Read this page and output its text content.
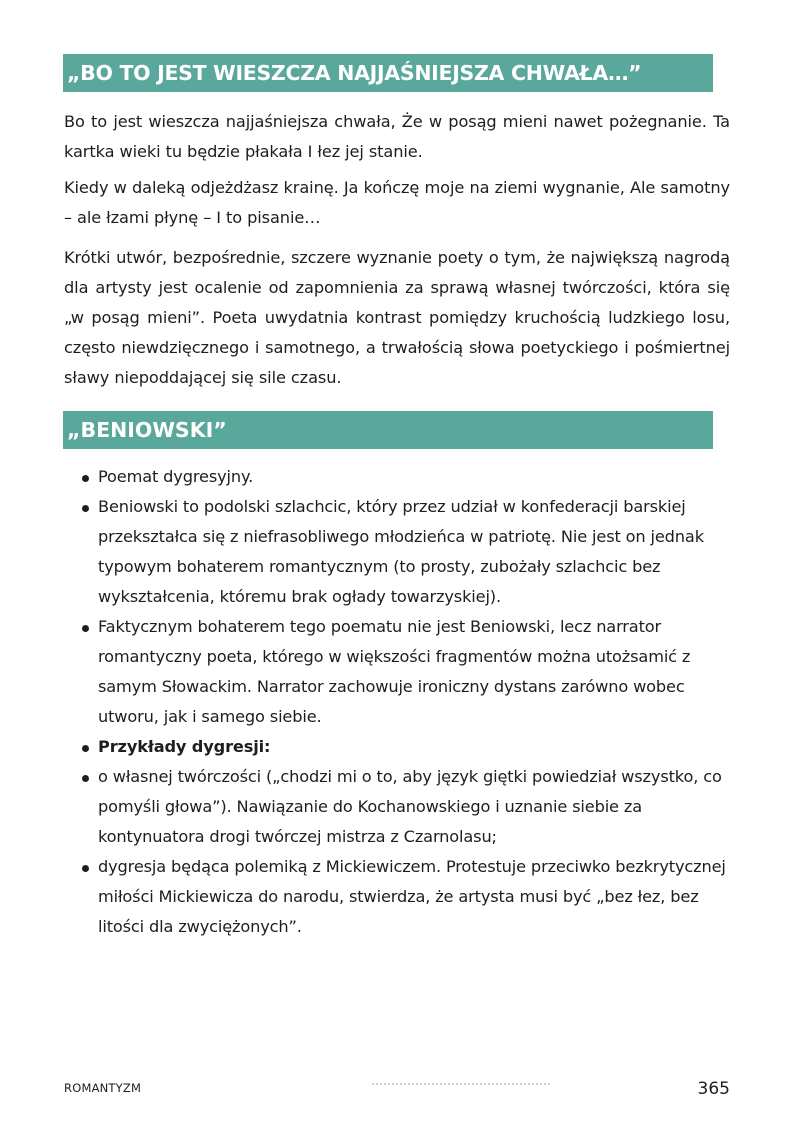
„BO TO JEST WIESZCZA NAJJAŚNIEJSZA CHWAŁA…”

Bo to jest wieszcza najjaśniejsza chwała, Że w posąg mieni nawet pożegnanie. Ta kartka wieki tu będzie płakała I łez jej stanie.

Kiedy w daleką odjeżdżasz krainę. Ja kończę moje na ziemi wygnanie, Ale samotny – ale łzami płynę – I to pisanie…

Krótki utwór, bezpośrednie, szczere wyznanie poety o tym, że największą nagrodą dla artysty jest ocalenie od zapomnienia za sprawą własnej twórczości, która się „w posąg mieni”. Poeta uwydatnia kontrast pomiędzy kruchością ludzkiego losu, często niewdzięcznego i samotnego, a trwałością słowa poetyckiego i pośmiertnej sławy niepoddającej się sile czasu.

„BENIOWSKI”
Poemat dygresyjny.
Beniowski to podolski szlachcic, który przez udział w konfederacji barskiej przekształca się z niefrasobliwego młodzieńca w patriotę. Nie jest on jednak typowym bohaterem romantycznym (to prosty, zubożały szlachcic bez wykształcenia, któremu brak ogłady towarzyskiej).
Faktycznym bohaterem tego poematu nie jest Beniowski, lecz narrator romantyczny poeta, którego w większości fragmentów można utożsamić z samym Słowackim. Narrator zachowuje ironiczny dystans zarówno wobec utworu, jak i samego siebie.
Przykłady dygresji:
o własnej twórczości („chodzi mi o to, aby język giętki powiedział wszystko, co pomyśli głowa”). Nawiązanie do Kochanowskiego i uznanie siebie za kontynuatora drogi twórczej mistrza z Czarnolasu;
dygresja będąca polemiką z Mickiewiczem. Protestuje przeciwko bezkrytycznej miłości Mickiewicza do narodu, stwierdza, że artysta musi być „bez łez, bez litości dla zwyciężonych”.
ROMANTYZM	365
